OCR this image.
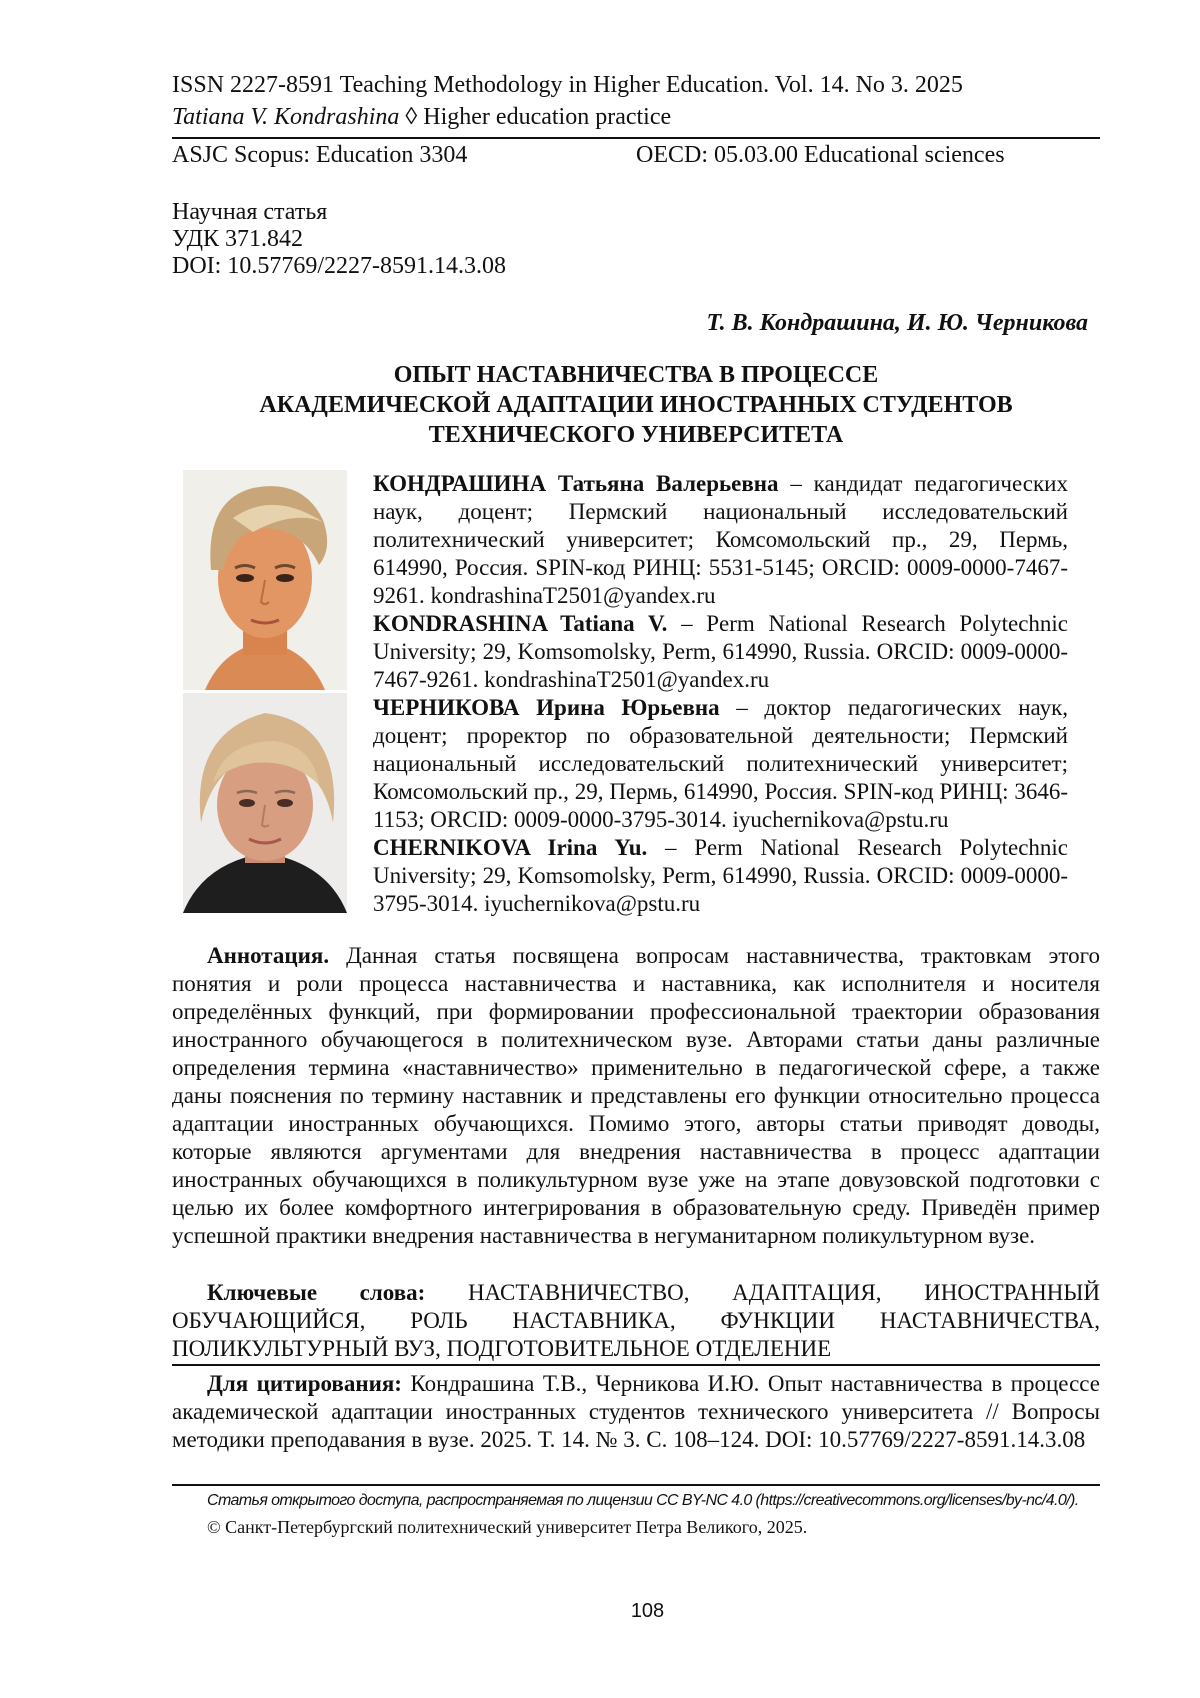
ISSN 2227-8591 Teaching Methodology in Higher Education. Vol. 14. No 3. 2025
Tatiana V. Kondrashina ◊ Higher education practice
ASJC Scopus: Education 3304	OECD: 05.03.00 Educational sciences
Научная статья
УДК 371.842
DOI: 10.57769/2227-8591.14.3.08
Т. В. Кондрашина, И. Ю. Черникова
ОПЫТ НАСТАВНИЧЕСТВА В ПРОЦЕССЕ
АКАДЕМИЧЕСКОЙ АДАПТАЦИИ ИНОСТРАННЫХ СТУДЕНТОВ
ТЕХНИЧЕСКОГО УНИВЕРСИТЕТА

КОНДРАШИНА Татьяна Валерьевна – кандидат педагогических наук, доцент; Пермский национальный исследовательский политехнический университет; Комсомольский пр., 29, Пермь, 614990, Россия. SPIN-код РИНЦ: 5531-5145; ORCID: 0009-0000-7467-9261. kondrashinaT2501@yandex.ru

KONDRASHINA Tatiana V. – Perm National Research Polytechnic University; 29, Komsomolsky, Perm, 614990, Russia. ORCID: 0009-0000-7467-9261. kondrashinaT2501@yandex.ru

ЧЕРНИКОВА Ирина Юрьевна – доктор педагогических наук, доцент; проректор по образовательной деятельности; Пермский национальный исследовательский политехнический университет; Комсомольский пр., 29, Пермь, 614990, Россия. SPIN-код РИНЦ: 3646-1153; ORCID: 0009-0000-3795-3014. iyuchernikova@pstu.ru

CHERNIKOVA Irina Yu. – Perm National Research Polytechnic University; 29, Komsomolsky, Perm, 614990, Russia. ORCID: 0009-0000-3795-3014. iyuchernikova@pstu.ru

Аннотация. Данная статья посвящена вопросам наставничества, трактовкам этого понятия и роли процесса наставничества и наставника, как исполнителя и носителя определённых функций, при формировании профессиональной траектории образования иностранного обучающегося в политехническом вузе. Авторами статьи даны различные определения термина «наставничество» применительно в педагогической сфере, а также даны пояснения по термину наставник и представлены его функции относительно процесса адаптации иностранных обучающихся. Помимо этого, авторы статьи приводят доводы, которые являются аргументами для внедрения наставничества в процесс адаптации иностранных обучающихся в поликультурном вузе уже на этапе довузовской подготовки с целью их более комфортного интегрирования в образовательную среду. Приведён пример успешной практики внедрения наставничества в негуманитарном поликультурном вузе.

Ключевые слова: НАСТАВНИЧЕСТВО, АДАПТАЦИЯ, ИНОСТРАННЫЙ ОБУЧАЮЩИЙСЯ, РОЛЬ НАСТАВНИКА, ФУНКЦИИ НАСТАВНИЧЕСТВА, ПОЛИКУЛЬТУРНЫЙ ВУЗ, ПОДГОТОВИТЕЛЬНОЕ ОТДЕЛЕНИЕ

Для цитирования: Кондрашина Т.В., Черникова И.Ю. Опыт наставничества в процессе академической адаптации иностранных студентов технического университета // Вопросы методики преподавания в вузе. 2025. Т. 14. № 3. С. 108–124. DOI: 10.57769/2227-8591.14.3.08

Статья открытого доступа, распространяемая по лицензии CC BY-NC 4.0 (https://creativecommons.org/licenses/by-nc/4.0/).
© Санкт-Петербургский политехнический университет Петра Великого, 2025.
108
